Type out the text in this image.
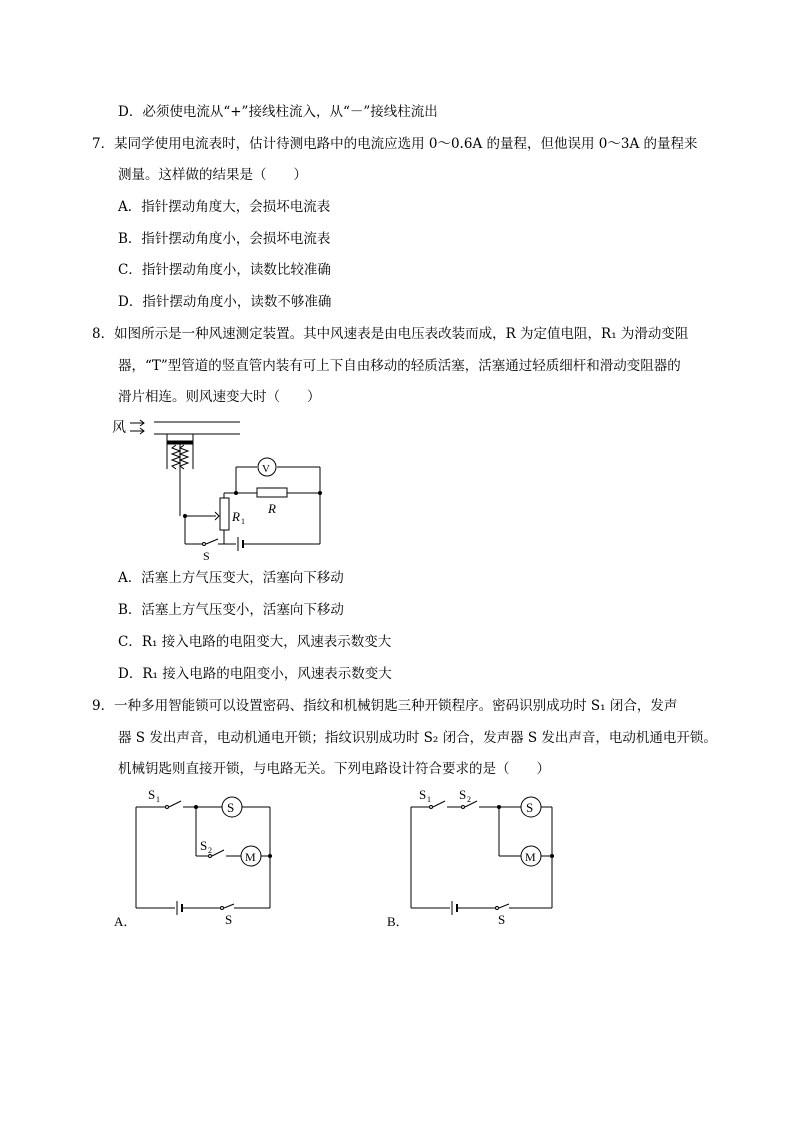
D．必须使电流从“+”接线柱流入，从“－”接线柱流出
7．某同学使用电流表时，估计待测电路中的电流应选用 0～0.6A 的量程，但他误用 0～3A 的量程来
测量。这样做的结果是（　　）
A．指针摆动角度大，会损坏电流表
B．指针摆动角度小，会损坏电流表
C．指针摆动角度小，读数比较准确
D．指针摆动角度小，读数不够准确
8．如图所示是一种风速测定装置。其中风速表是由电压表改装而成，R 为定值电阻，R₁ 为滑动变阻
器，“T”型管道的竖直管内装有可上下自由移动的轻质活塞，活塞通过轻质细杆和滑动变阻器的
滑片相连。则风速变大时（　　）
风
V
R
R 1
S
A．活塞上方气压变大，活塞向下移动
B．活塞上方气压变小，活塞向下移动
C．R₁ 接入电路的电阻变大，风速表示数变大
D．R₁ 接入电路的电阻变小，风速表示数变大
9．一种多用智能锁可以设置密码、指纹和机械钥匙三种开锁程序。密码识别成功时 S₁ 闭合，发声
器 S 发出声音，电动机通电开锁；指纹识别成功时 S₂ 闭合，发声器 S 发出声音，电动机通电开锁。
机械钥匙则直接开锁，与电路无关。下列电路设计符合要求的是（　　）
S 1
S 2
S
M
S
A．
S 1 S 2
S
M
S
B．
